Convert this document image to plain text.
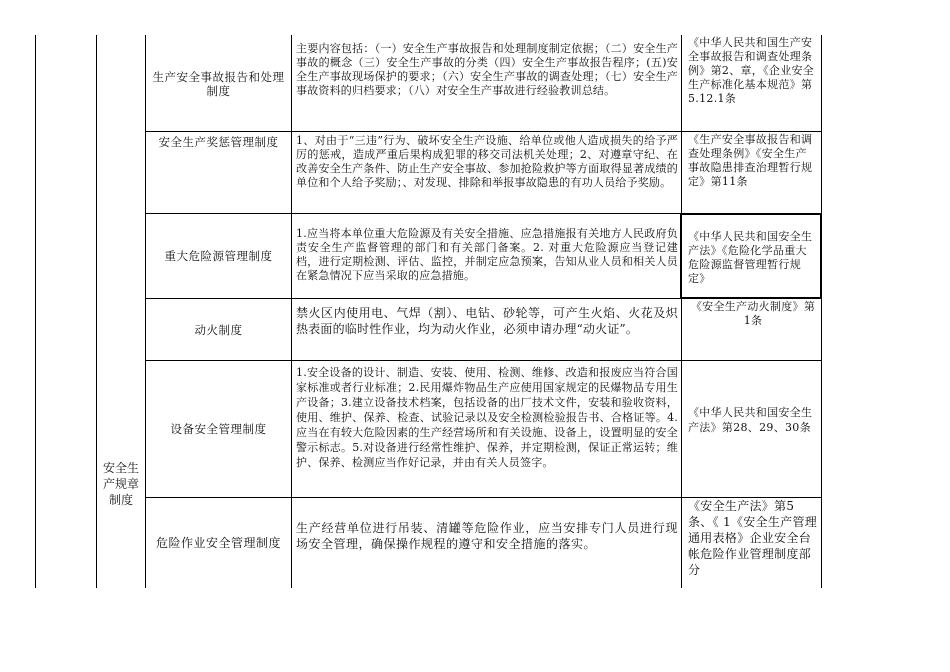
安全生产规章制度
生产安全事故报告和处理制度
主要内容包括：（一）安全生产事故报告和处理制度制定依据；（二）安全生产事故的概念（三）安全生产事故的分类（四）安全生产事故报告程序；(五)安全生产事故现场保护的要求；（六）安全生产事故的调查处理；（七）安全生产事故资料的归档要求；（八）对安全生产事故进行经验教训总结。
《中华人民共和国生产安全事故报告和调查处理条例》第2、章，《企业安全生产标准化基本规范》第5.12.1条
安全生产奖惩管理制度	1、对由于“三违”行为、破坏安全生产设施、给单位或他人造成损失的给予严厉的惩戒，造成严重后果构成犯罪的移交司法机关处理；2、对遵章守纪、在改善安全生产条件、防止生产安全事故、参加抢险救护等方面取得显著成绩的单位和个人给予奖励；、对发现、排除和举报事故隐患的有功人员给予奖励。
《生产安全事故报告和调查处理条例》《安全生产事故隐患排查治理暂行规定》第11条
重大危险源管理制度
1.应当将本单位重大危险源及有关安全措施、应急措施报有关地方人民政府负责安全生产监督管理的部门和有关部门备案。2. 对重大危险源应当登记建档，进行定期检测、评估、监控，并制定应急预案，告知从业人员和相关人员在紧急情况下应当采取的应急措施。
《中华人民共和国安全生产法》《危险化学品重大危险源监督管理暂行规定》
动火制度
禁火区内使用电、气焊（割）、电钻、砂轮等，可产生火焰、火花及炽热表面的临时性作业，均为动火作业，必须申请办理“动火证”。
《安全生产动火制度》第1条
设备安全管理制度
1.安全设备的设计、制造、安装、使用、检测、维修、改造和报废应当符合国家标准或者行业标准；2.民用爆炸物品生产应使用国家规定的民爆物品专用生产设备；3.建立设备技术档案，包括设备的出厂技术文件，安装和验收资料，使用、维护、保养、检查、试验记录以及安全检测检验报告书、合格证等。4.应当在有较大危险因素的生产经营场所和有关设施、设备上，设置明显的安全警示标志。5.对设备进行经常性维护、保养，并定期检测，保证正常运转；维护、保养、检测应当作好记录，并由有关人员签字。
《中华人民共和国安全生产法》第28、29、30条
危险作业安全管理制度
生产经营单位进行吊装、清罐等危险作业，应当安排专门人员进行现场安全管理，确保操作规程的遵守和安全措施的落实。
《安全生产法》第5条、《 1《安全生产管理通用表格》企业安全台帐危险作业管理制度部分
